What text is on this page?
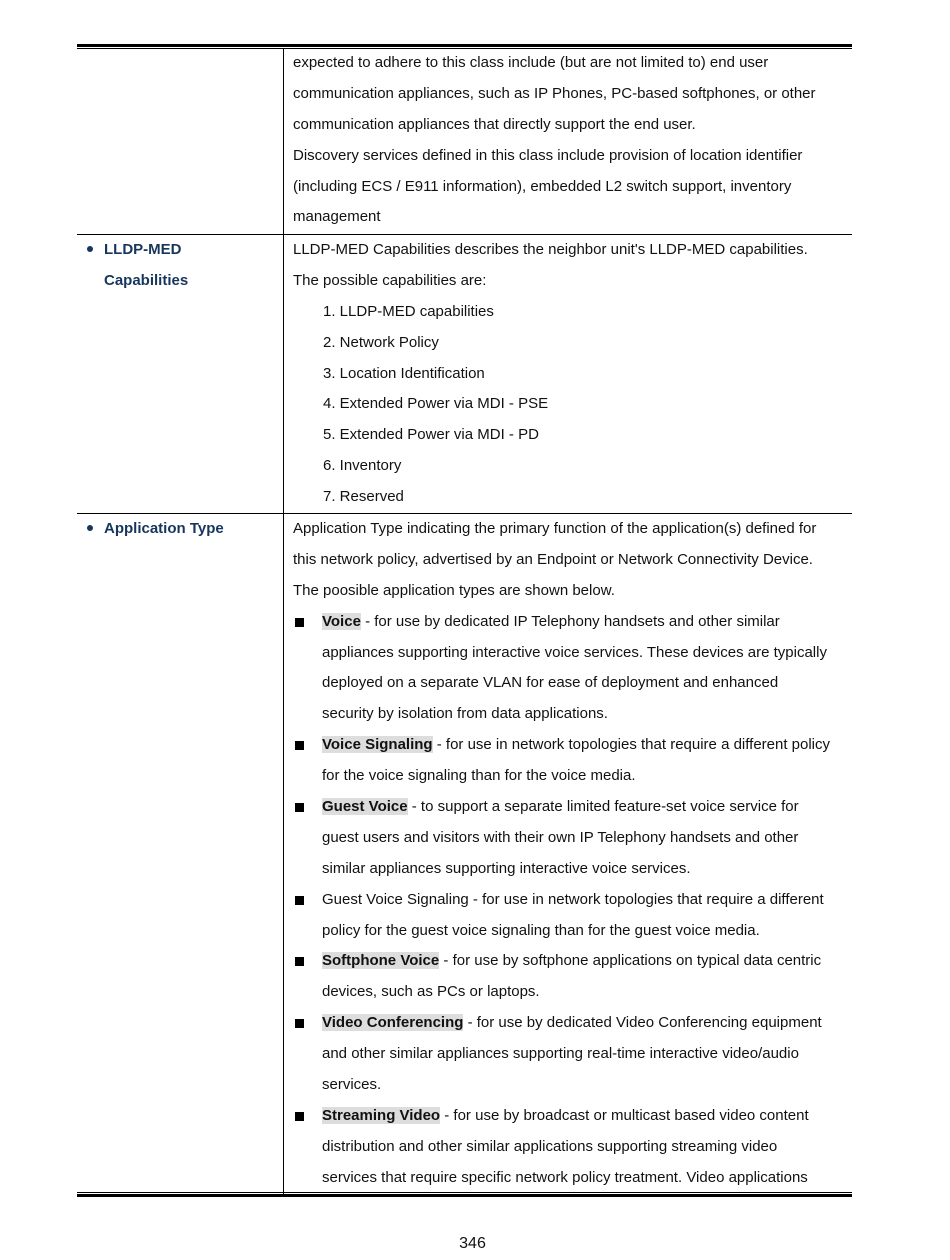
expected to adhere to this class include (but are not limited to) end user
communication appliances, such as IP Phones, PC-based softphones, or other
communication appliances that directly support the end user.
Discovery services defined in this class include provision of location identifier
(including ECS / E911 information), embedded L2 switch support, inventory
management
LLDP-MED
Capabilities
LLDP-MED Capabilities describes the neighbor unit's LLDP-MED capabilities.
The possible capabilities are:
1. LLDP-MED capabilities
2. Network Policy
3. Location Identification
4. Extended Power via MDI - PSE
5. Extended Power via MDI - PD
6. Inventory
7. Reserved
Application Type	Application Type indicating the primary function of the application(s) defined for
this network policy, advertised by an Endpoint or Network Connectivity Device.
The poosible application types are shown below.
Voice - for use by dedicated IP Telephony handsets and other similar
appliances supporting interactive voice services. These devices are typically
deployed on a separate VLAN for ease of deployment and enhanced
security by isolation from data applications.
Voice Signaling - for use in network topologies that require a different policy
for the voice signaling than for the voice media.
Guest Voice - to support a separate limited feature-set voice service for
guest users and visitors with their own IP Telephony handsets and other
similar appliances supporting interactive voice services.
Guest Voice Signaling - for use in network topologies that require a different
policy for the guest voice signaling than for the guest voice media.
Softphone Voice - for use by softphone applications on typical data centric
devices, such as PCs or laptops.
Video Conferencing - for use by dedicated Video Conferencing equipment
and other similar appliances supporting real-time interactive video/audio
services.
Streaming Video - for use by broadcast or multicast based video content
distribution and other similar applications supporting streaming video
services that require specific network policy treatment. Video applications
346
